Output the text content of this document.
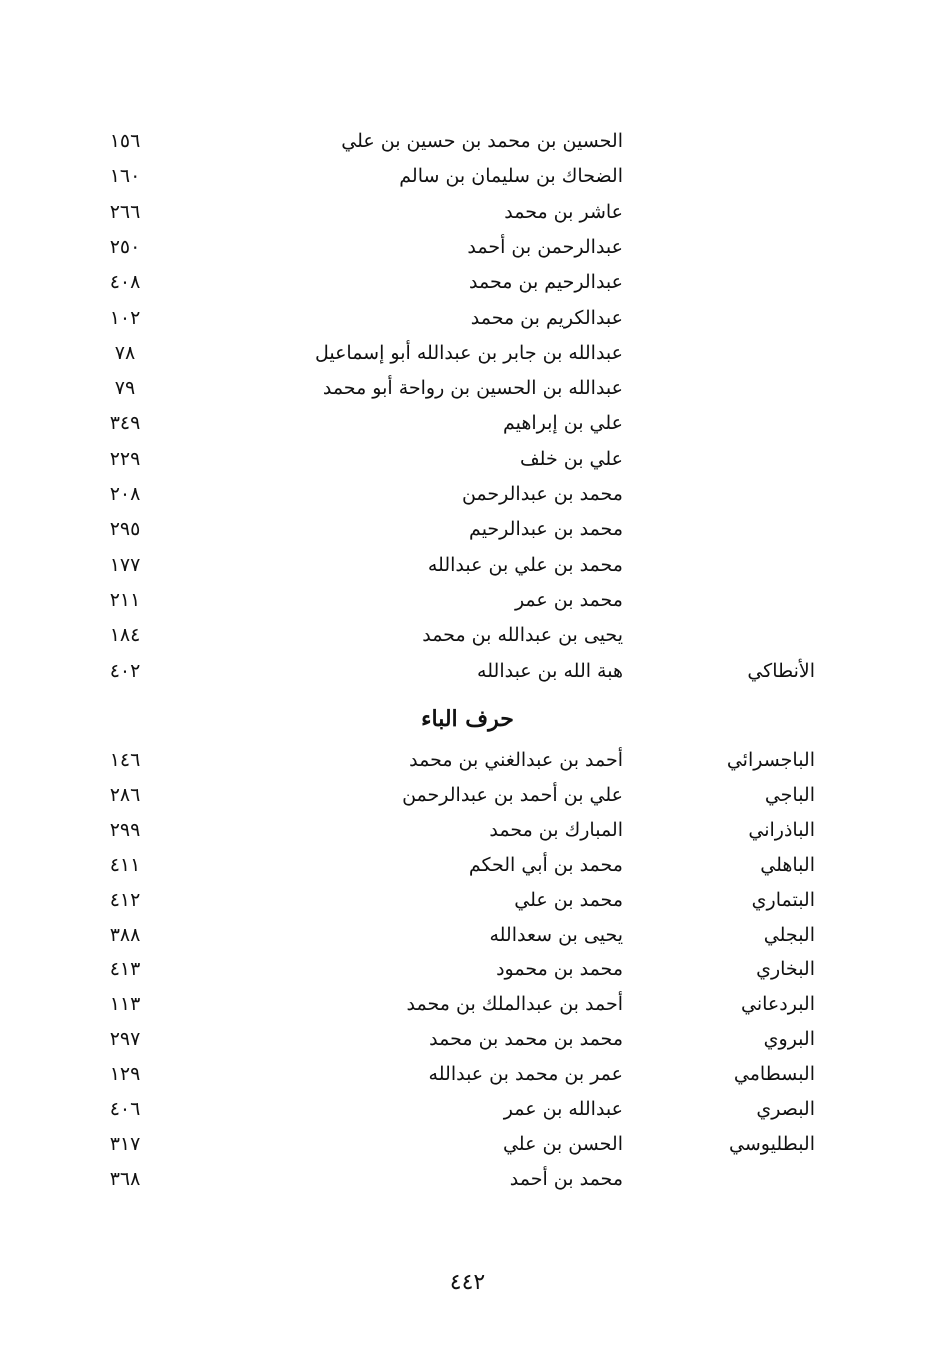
الحسين بن محمد بن حسين بن علي
١٥٦
الضحاك بن سليمان بن سالم
١٦٠
عاشر بن محمد
٢٦٦
عبدالرحمن بن أحمد
٢٥٠
عبدالرحيم بن محمد
٤٠٨
عبدالكريم بن محمد
١٠٢
عبدالله بن جابر بن عبدالله أبو إسماعيل
٧٨
عبدالله بن الحسين بن رواحة أبو محمد
٧٩
علي بن إبراهيم
٣٤٩
علي بن خلف
٢٢٩
محمد بن عبدالرحمن
٢٠٨
محمد بن عبدالرحيم
٢٩٥
محمد بن علي بن عبدالله
١٧٧
محمد بن عمر
٢١١
يحيى بن عبدالله بن محمد
١٨٤
الأنطاكي
هبة الله بن عبدالله
٤٠٢
حرف الباء
الباجسرائي
أحمد بن عبدالغني بن محمد
١٤٦
الباجي
علي بن أحمد بن عبدالرحمن
٢٨٦
الباذراني
المبارك بن محمد
٢٩٩
الباهلي
محمد بن أبي الحكم
٤١١
البتماري
محمد بن علي
٤١٢
البجلي
يحيى بن سعدالله
٣٨٨
البخاري
محمد بن محمود
٤١٣
البردعاني
أحمد بن عبدالملك بن محمد
١١٣
البروي
محمد بن محمد بن محمد
٢٩٧
البسطامي
عمر بن محمد بن عبدالله
١٢٩
البصري
عبدالله بن عمر
٤٠٦
البطليوسي
الحسن بن علي
٣١٧
محمد بن أحمد
٣٦٨
٤٤٢
